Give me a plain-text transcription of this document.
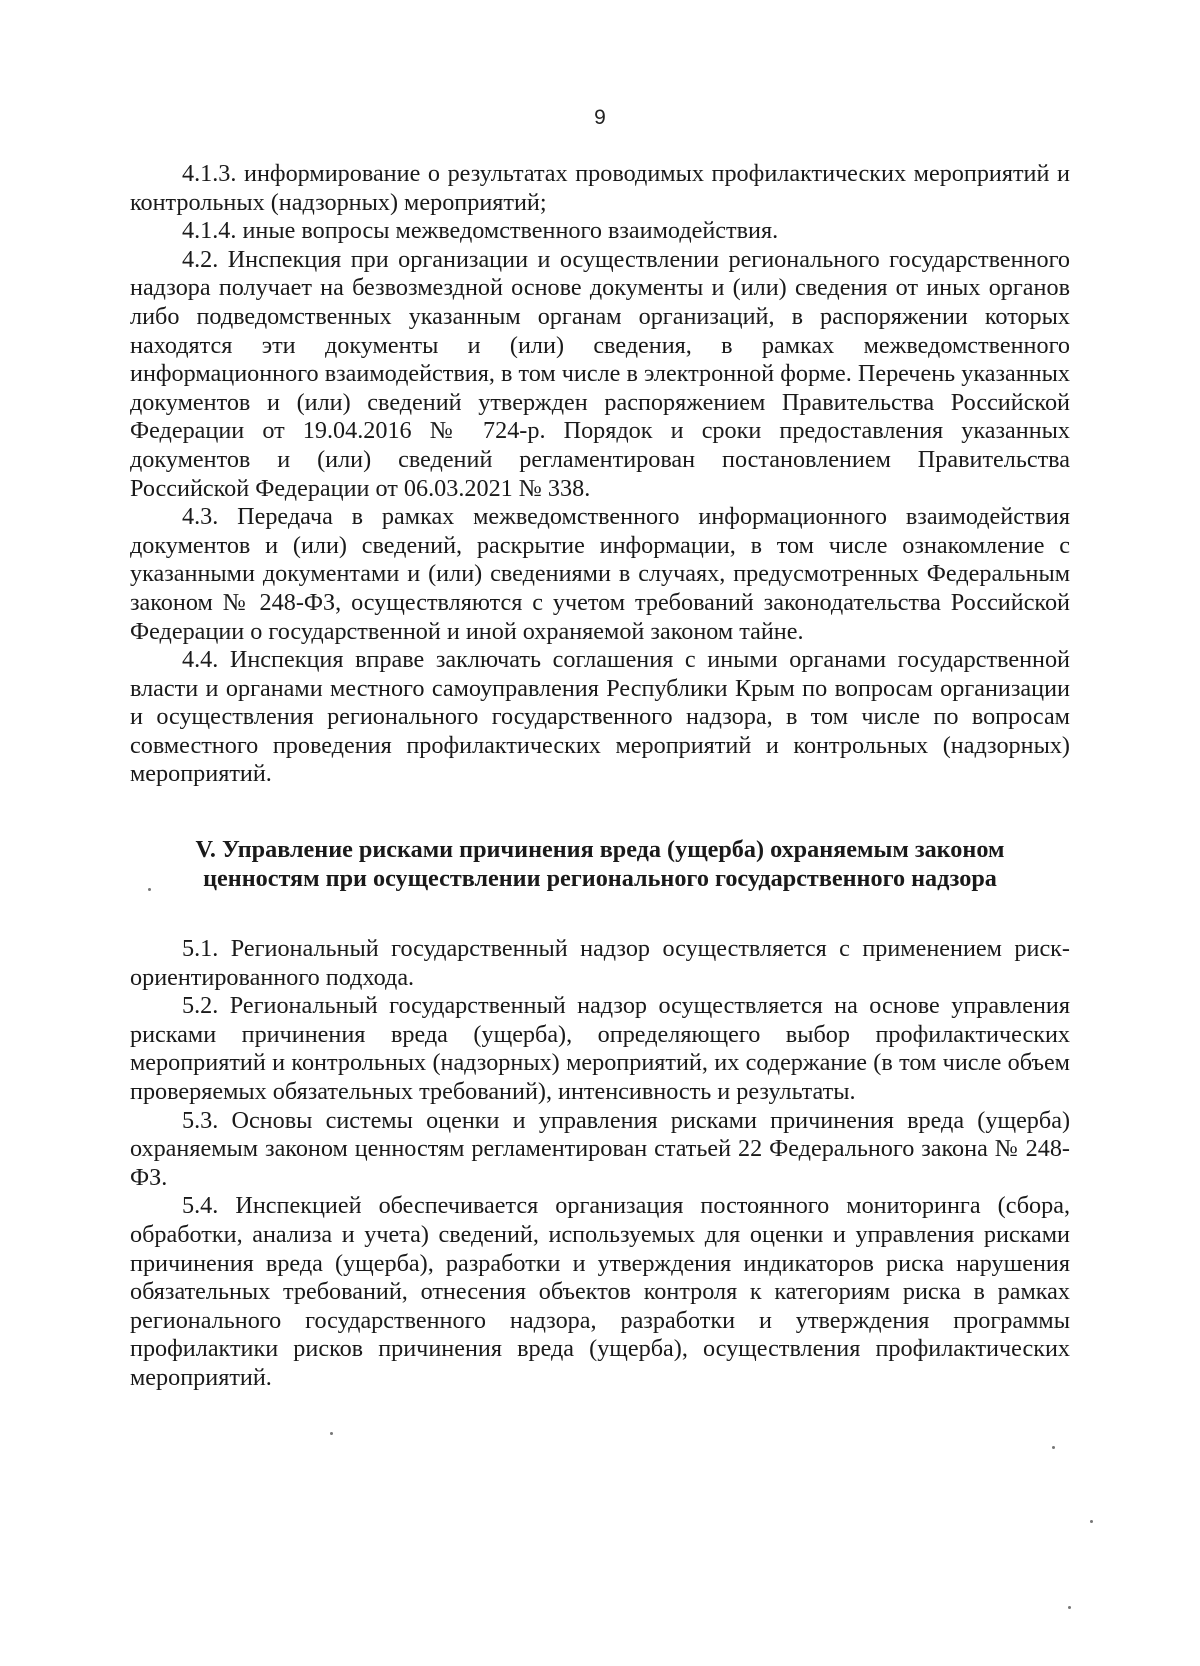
9

4.1.3. информирование о результатах проводимых профилактических мероприятий и контрольных (надзорных) мероприятий;

4.1.4. иные вопросы межведомственного взаимодействия.

4.2. Инспекция при организации и осуществлении регионального государственного надзора получает на безвозмездной основе документы и (или) сведения от иных органов либо подведомственных указанным органам организаций, в распоряжении которых находятся эти документы и (или) сведения, в рамках межведомственного информационного взаимодействия, в том числе в электронной форме. Перечень указанных документов и (или) сведений утвержден распоряжением Правительства Российской Федерации от 19.04.2016 № 724-р. Порядок и сроки предоставления указанных документов и (или) сведений регламентирован постановлением Правительства Российской Федерации от 06.03.2021 № 338.

4.3. Передача в рамках межведомственного информационного взаимодействия документов и (или) сведений, раскрытие информации, в том числе ознакомление с указанными документами и (или) сведениями в случаях, предусмотренных Федеральным законом № 248-ФЗ, осуществляются с учетом требований законодательства Российской Федерации о государственной и иной охраняемой законом тайне.

4.4. Инспекция вправе заключать соглашения с иными органами государственной власти и органами местного самоуправления Республики Крым по вопросам организации и осуществления регионального государственного надзора, в том числе по вопросам совместного проведения профилактических мероприятий и контрольных (надзорных) мероприятий.

V. Управление рисками причинения вреда (ущерба) охраняемым законом ценностям при осуществлении регионального государственного надзора

5.1. Региональный государственный надзор осуществляется с применением риск-ориентированного подхода.

5.2. Региональный государственный надзор осуществляется на основе управления рисками причинения вреда (ущерба), определяющего выбор профилактических мероприятий и контрольных (надзорных) мероприятий, их содержание (в том числе объем проверяемых обязательных требований), интенсивность и результаты.

5.3. Основы системы оценки и управления рисками причинения вреда (ущерба) охраняемым законом ценностям регламентирован статьей 22 Федерального закона № 248-ФЗ.

5.4. Инспекцией обеспечивается организация постоянного мониторинга (сбора, обработки, анализа и учета) сведений, используемых для оценки и управления рисками причинения вреда (ущерба), разработки и утверждения индикаторов риска нарушения обязательных требований, отнесения объектов контроля к категориям риска в рамках регионального государственного надзора, разработки и утверждения программы профилактики рисков причинения вреда (ущерба), осуществления профилактических мероприятий.
